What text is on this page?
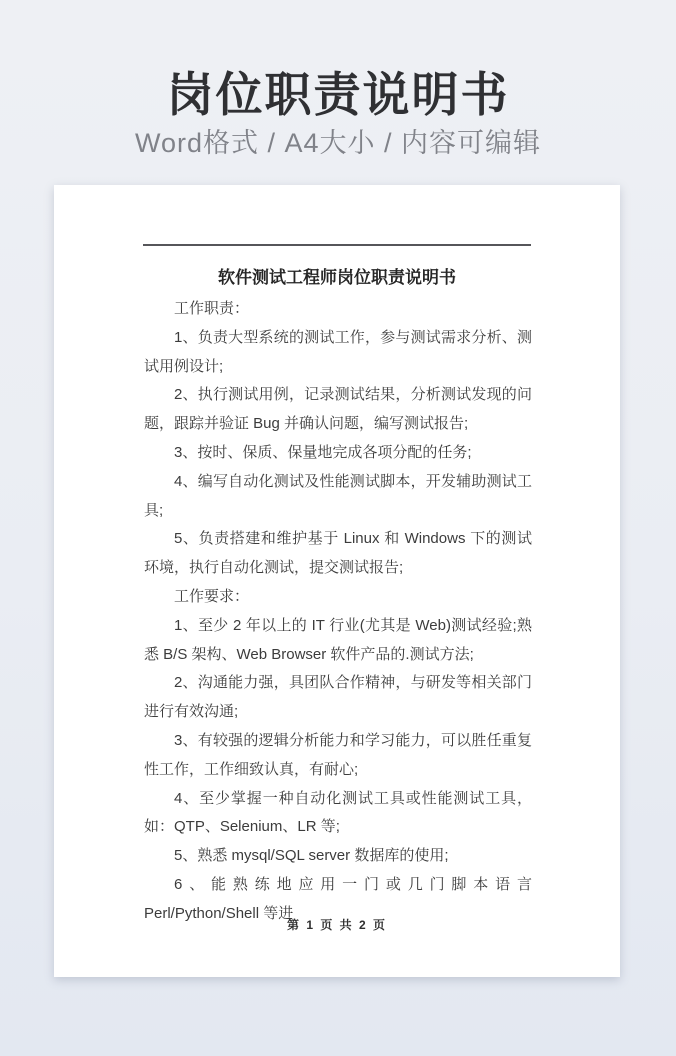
岗位职责说明书
Word格式 / A4大小 / 内容可编辑
软件测试工程师岗位职责说明书

工作职责：

1、负责大型系统的测试工作，参与测试需求分析、测试用例设计;

2、执行测试用例，记录测试结果，分析测试发现的问题，跟踪并验证 Bug 并确认问题，编写测试报告;

3、按时、保质、保量地完成各项分配的任务;

4、编写自动化测试及性能测试脚本，开发辅助测试工具;

5、负责搭建和维护基于 Linux 和 Windows 下的测试环境，执行自动化测试，提交测试报告;

工作要求：

1、至少 2 年以上的 IT 行业(尤其是 Web)测试经验;熟悉 B/S 架构、Web Browser 软件产品的.测试方法;

2、沟通能力强，具团队合作精神，与研发等相关部门进行有效沟通;

3、有较强的逻辑分析能力和学习能力，可以胜任重复性工作，工作细致认真，有耐心;

4、至少掌握一种自动化测试工具或性能测试工具，如：QTP、Selenium、LR 等;

5、熟悉 mysql/SQL server 数据库的使用;

6、能熟练地应用一门或几门脚本语言 Perl/Python/Shell 等进

第 1 页 共 2 页
